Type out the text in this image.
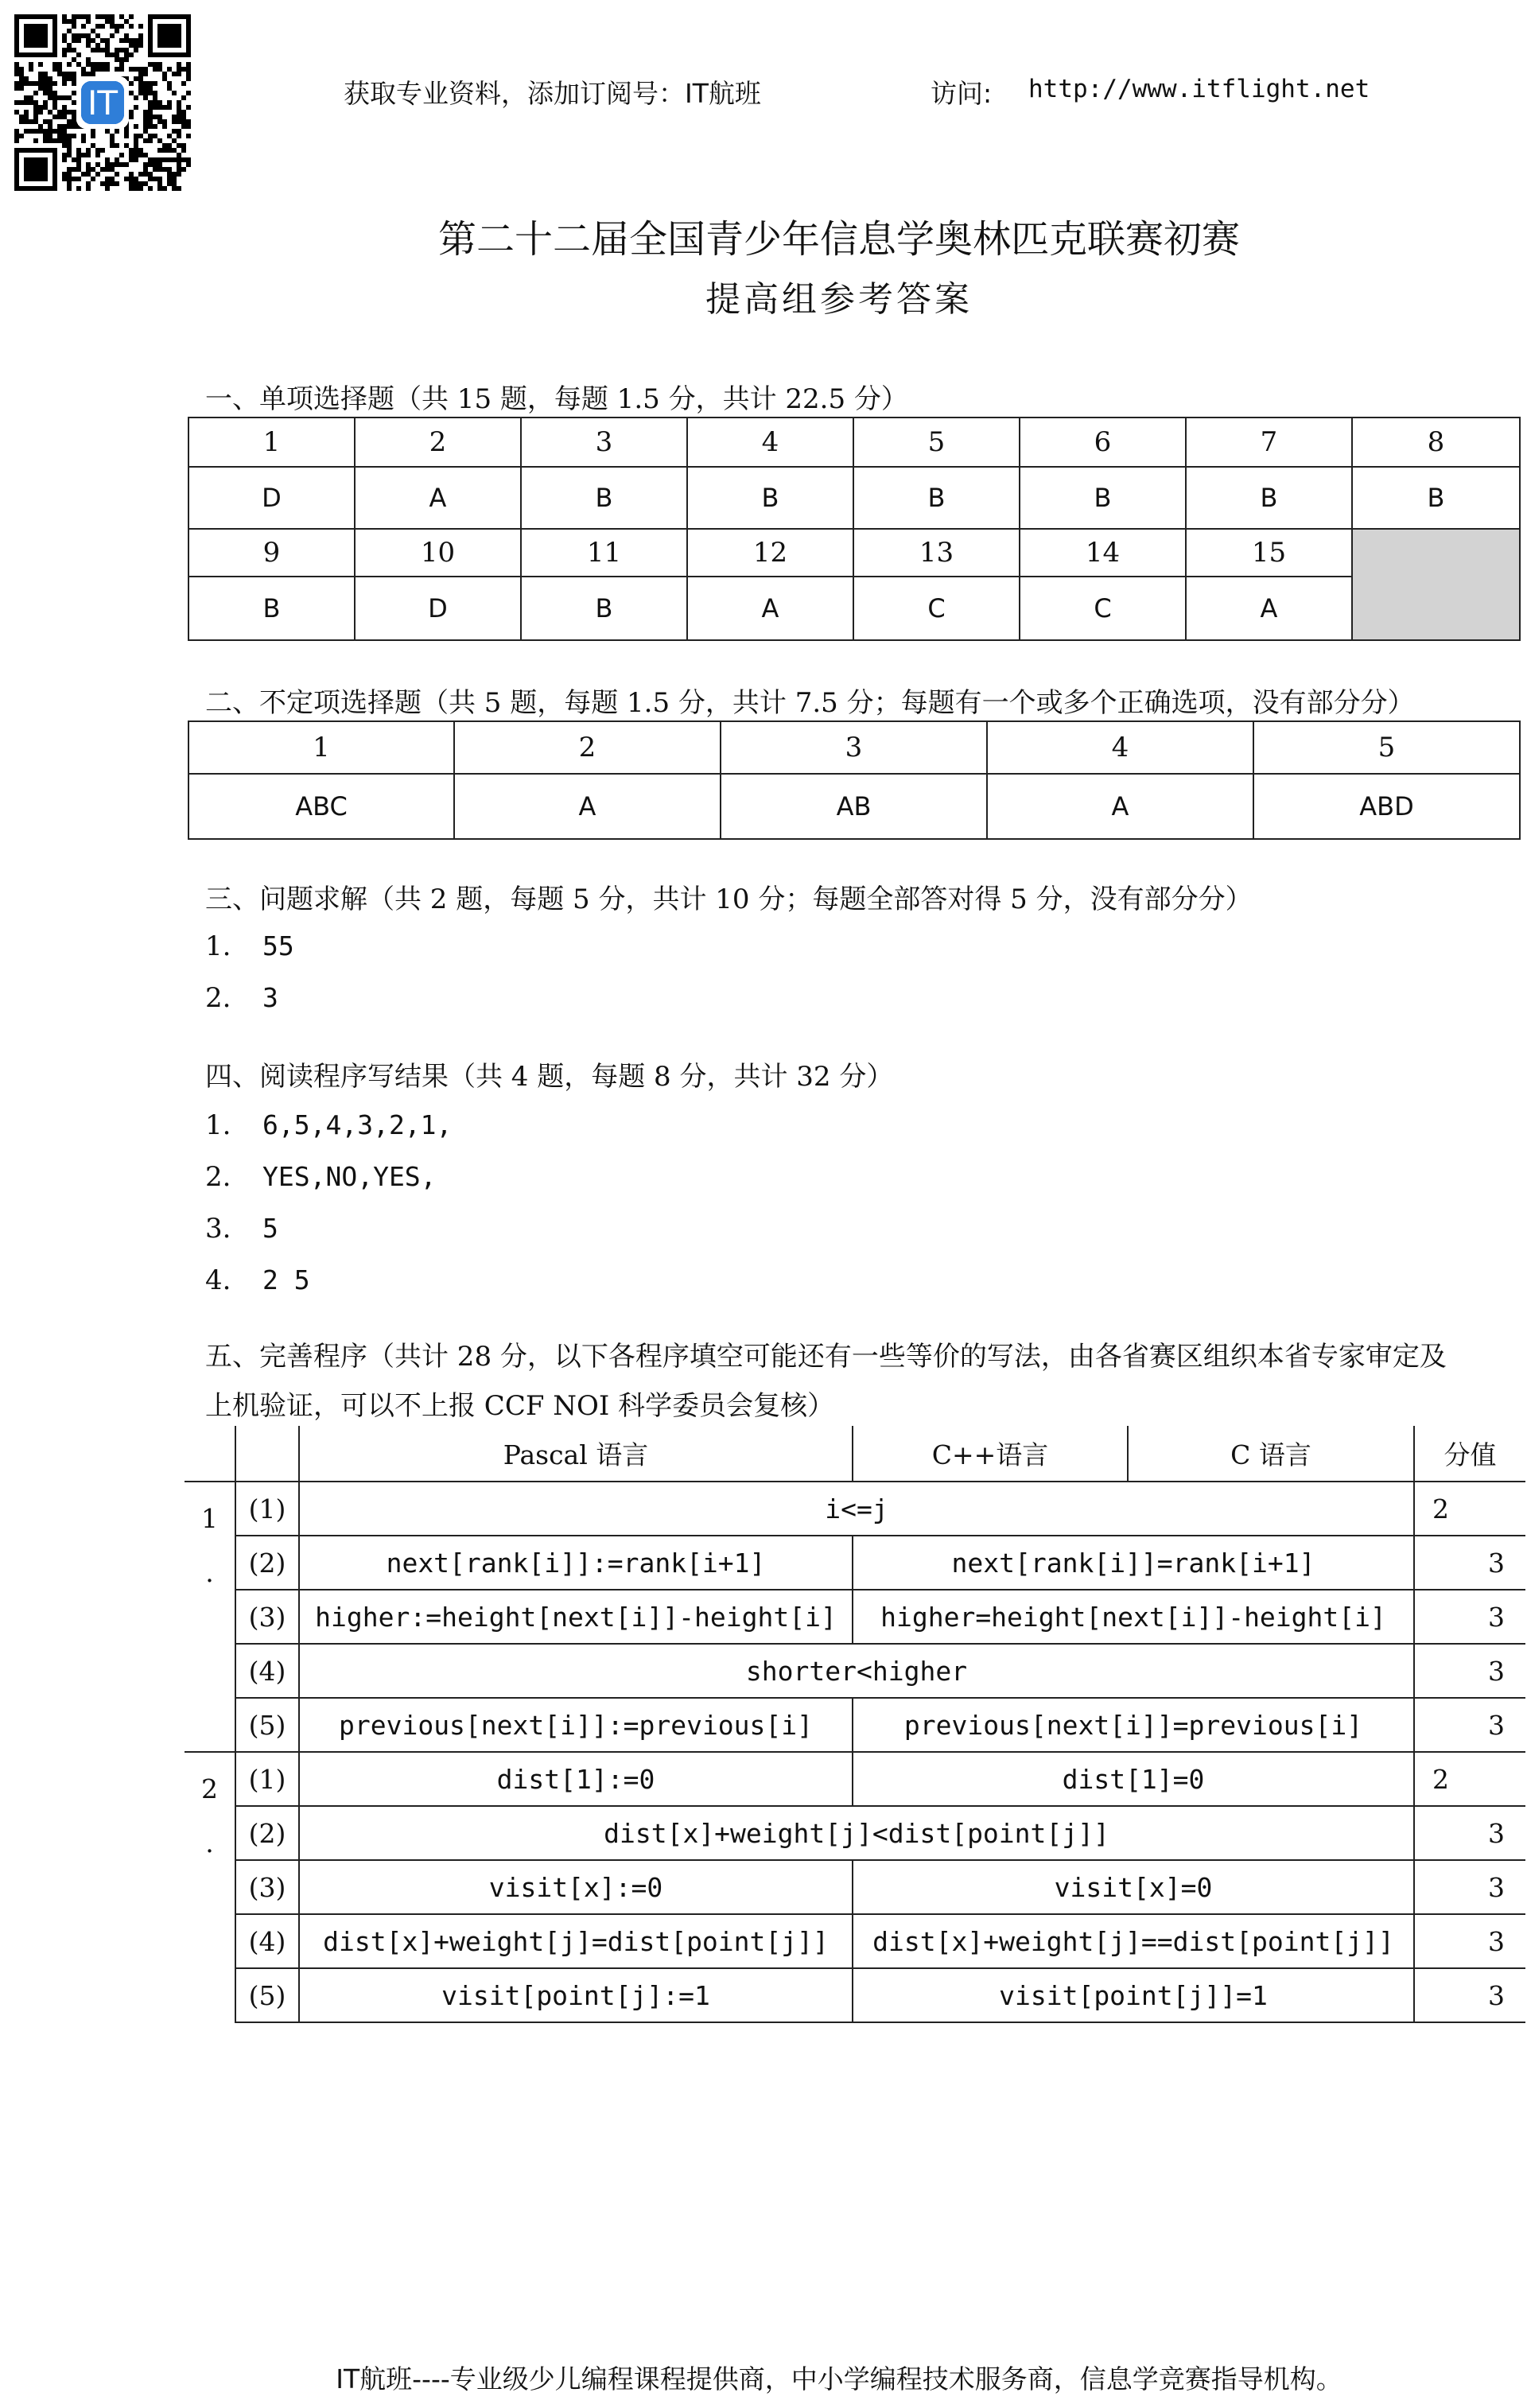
IT	获取专业资料，添加订阅号：IT航班	访问: http://www.itflight.net
第二十二届全国青少年信息学奥林匹克联赛初赛
提高组参考答案
一、单项选择题（共 15 题，每题 1.5 分，共计 22.5 分）
1	2	3	4	5	6	7	8
D	A	B	B	B	B	B	B
9	10	11	12	13	14	15	
B	D	B	A	C	C	A	
二、不定项选择题（共 5 题，每题 1.5 分，共计 7.5 分；每题有一个或多个正确选项，没有部分分）
1	2	3	4	5
ABC	A	AB	A	ABD
三、问题求解（共 2 题，每题 5 分，共计 10 分；每题全部答对得 5 分，没有部分分）
1. 55
2. 3
四、阅读程序写结果（共 4 题，每题 8 分，共计 32 分）
1. 6,5,4,3,2,1,
2. YES,NO,YES,
3. 5
4. 2 5
五、完善程序（共计 28 分，以下各程序填空可能还有一些等价的写法，由各省赛区组织本省专家审定及
上机验证，可以不上报 CCF NOI 科学委员会复核）
		Pascal 语言	C++语言	C 语言	分值

1
.	(1)	i<=j			2
	(2)	next[rank[i]]:=rank[i+1]	next[rank[i]]=rank[i+1]		3
	(3)	higher:=height[next[i]]-height[i]	higher=height[next[i]]-height[i]		3
	(4)	shorter<higher			3
	(5)	previous[next[i]]:=previous[i]	previous[next[i]]=previous[i]		3

2
.	(1)	dist[1]:=0	dist[1]=0		2
	(2)	dist[x]+weight[j]<dist[point[j]]			3
	(3)	visit[x]:=0	visit[x]=0		3
	(4)	dist[x]+weight[j]=dist[point[j]]	dist[x]+weight[j]==dist[point[j]]		3
	(5)	visit[point[j]:=1	visit[point[j]]=1		3
IT航班----专业级少儿编程课程提供商，中小学编程技术服务商，信息学竞赛指导机构。
